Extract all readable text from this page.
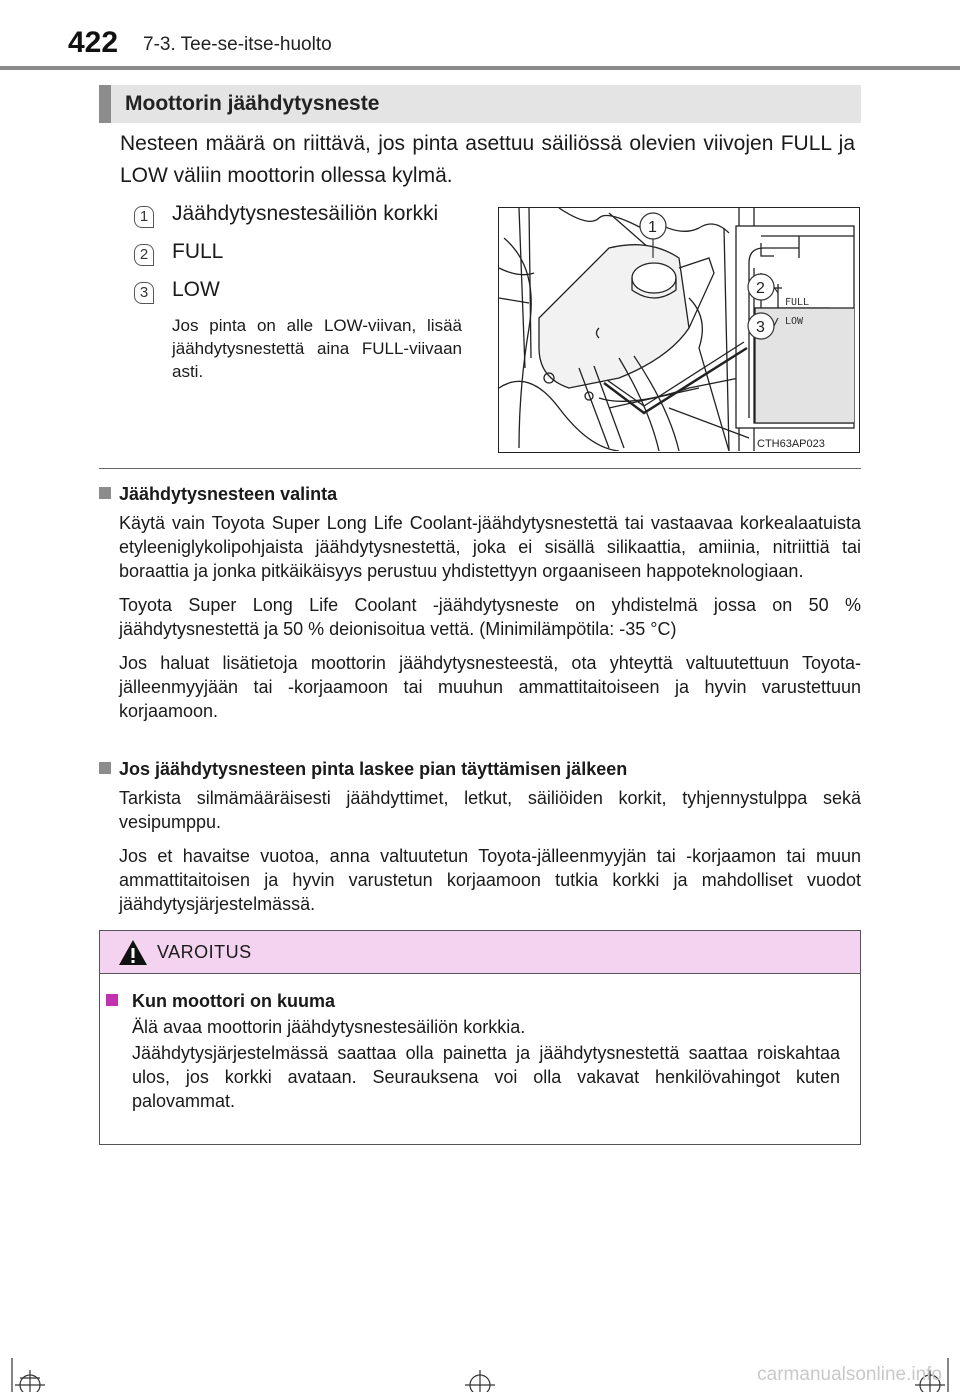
422 7-3. Tee-se-itse-huolto
Moottorin jäähdytysneste
Nesteen määrä on riittävä, jos pinta asettuu säiliössä olevien viivojen FULL ja LOW väliin moottorin ollessa kylmä.
1 Jäähdytysnestesäiliön korkki
2 FULL
3 LOW
Jos pinta on alle LOW-viivan, lisää jäähdytysnestettä aina FULL-viivaan asti.
FULL
LOW
1
2
3
CTH63AP023
Jäähdytysnesteen valinta
Käytä vain Toyota Super Long Life Coolant-jäähdytysnestettä tai vastaavaa korkealaatuista etyleeniglykolipohjaista jäähdytysnestettä, joka ei sisällä silikaattia, amiinia, nitriittiä tai boraattia ja jonka pitkäikäisyys perustuu yhdistettyyn orgaaniseen happoteknologiaan.
Toyota Super Long Life Coolant -jäähdytysneste on yhdistelmä jossa on 50 % jäähdytysnestettä ja 50 % deionisoitua vettä. (Minimilämpötila: -35 °C)
Jos haluat lisätietoja moottorin jäähdytysnesteestä, ota yhteyttä valtuutettuun Toyota-jälleenmyyjään tai -korjaamoon tai muuhun ammattitaitoiseen ja hyvin varustettuun korjaamoon.
Jos jäähdytysnesteen pinta laskee pian täyttämisen jälkeen
Tarkista silmämääräisesti jäähdyttimet, letkut, säiliöiden korkit, tyhjennystulppa sekä vesipumppu.
Jos et havaitse vuotoa, anna valtuutetun Toyota-jälleenmyyjän tai -korjaamon tai muun ammattitaitoisen ja hyvin varustetun korjaamoon tutkia korkki ja mahdolliset vuodot jäähdytysjärjestelmässä.
VAROITUS
Kun moottori on kuuma
Älä avaa moottorin jäähdytysnestesäiliön korkkia.
Jäähdytysjärjestelmässä saattaa olla painetta ja jäähdytysnestettä saattaa roiskahtaa ulos, jos korkki avataan. Seurauksena voi olla vakavat henkilövahingot kuten palovammat.
carmanualsonline.info
